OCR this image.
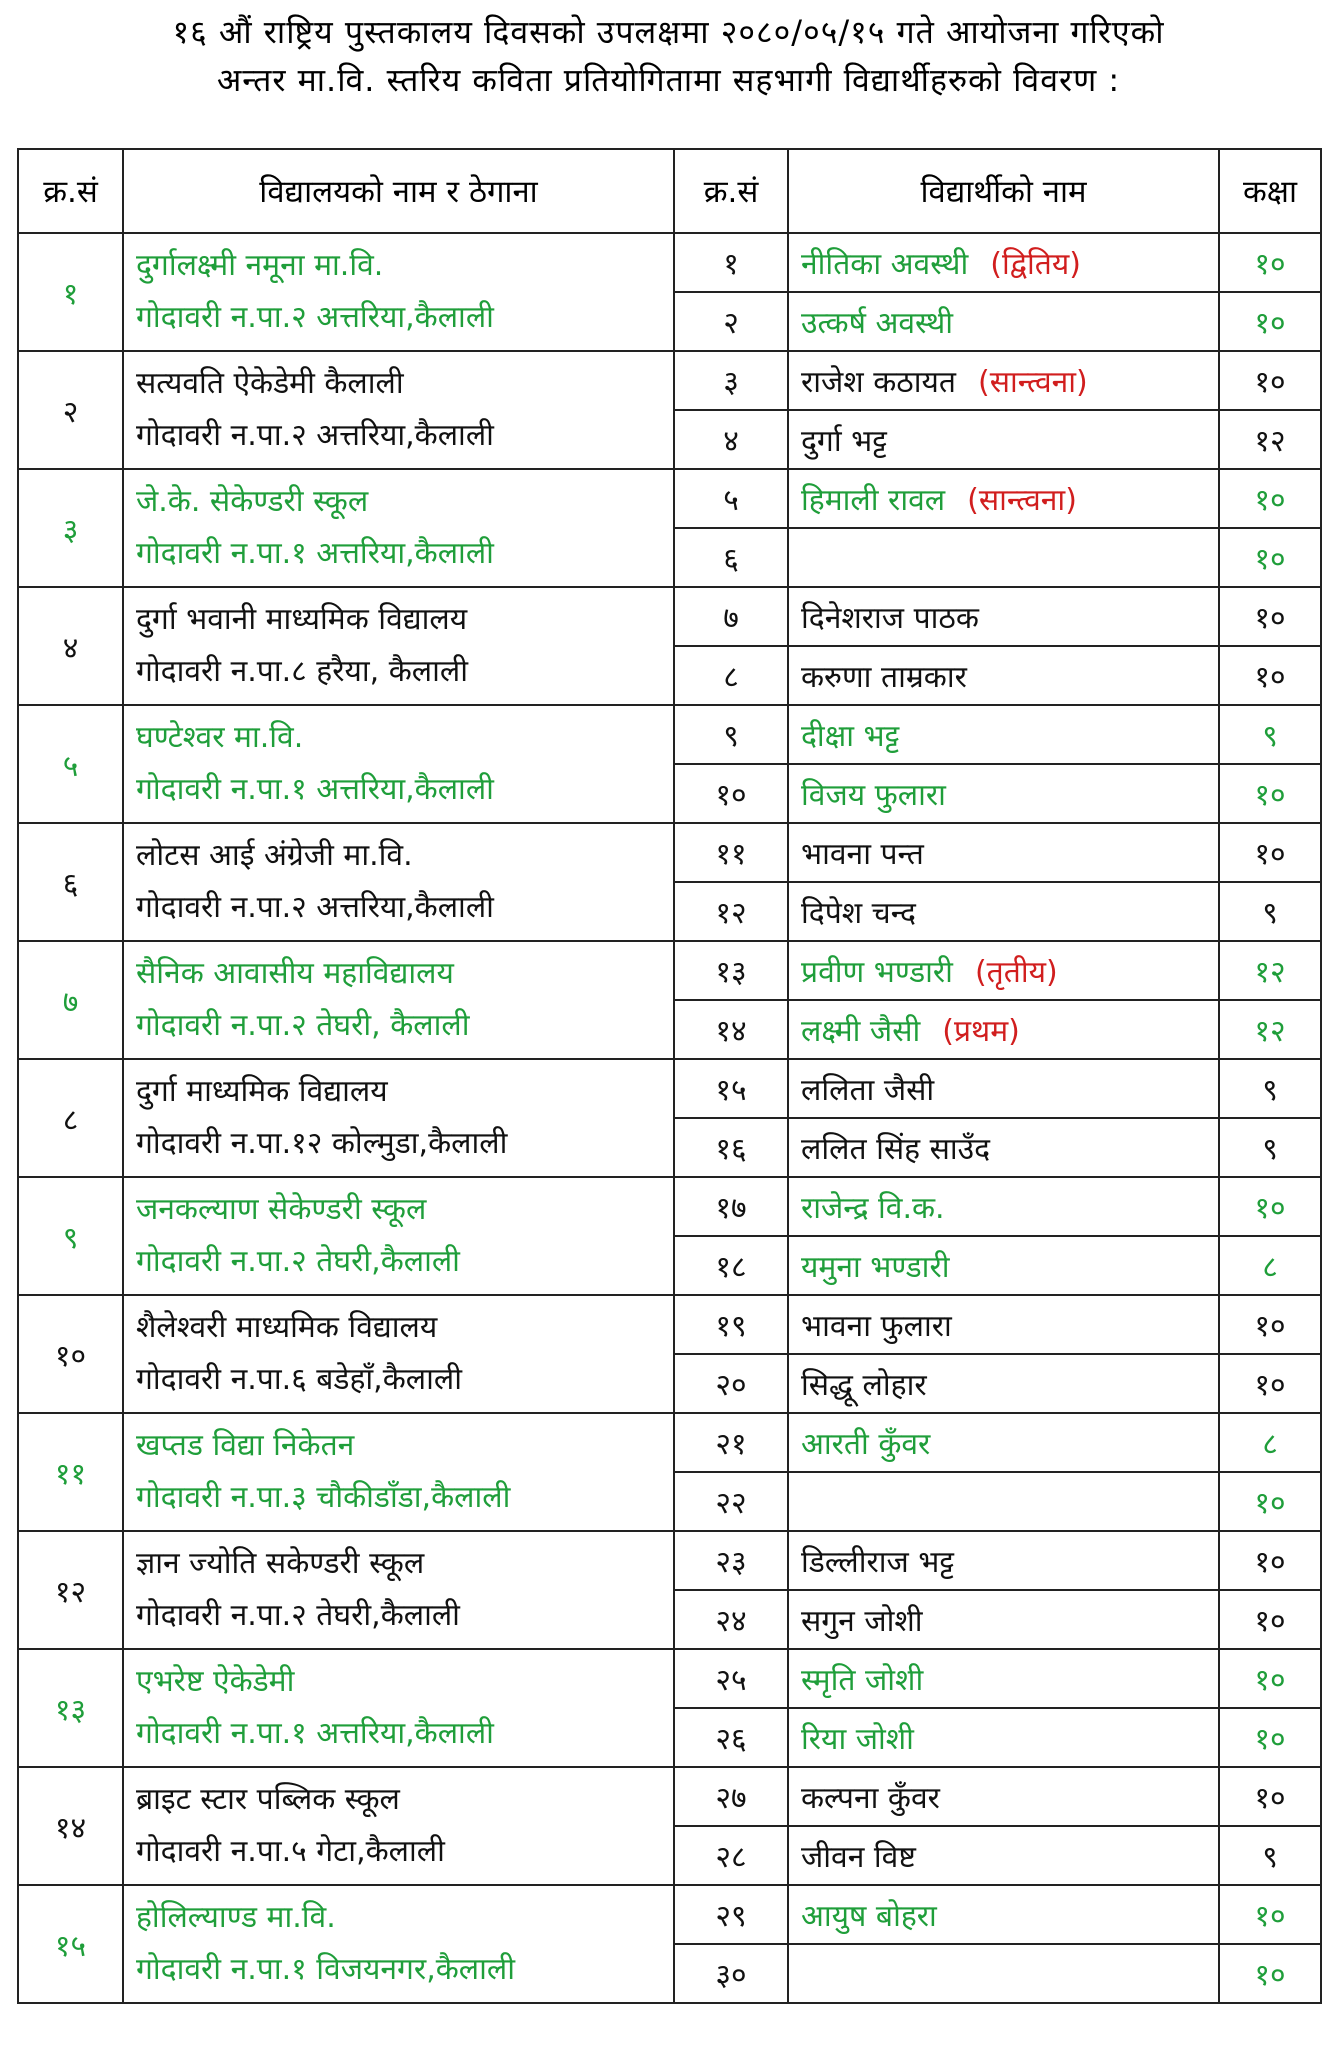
१६ औं राष्ट्रिय पुस्तकालय दिवसको उपलक्षमा २०८०/०५/१५ गते आयोजना गरिएको
अन्तर मा.वि. स्तरिय कविता प्रतियोगितामा सहभागी विद्यार्थीहरुको विवरण :
क्र.सं	विद्यालयको नाम र ठेगाना	क्र.सं	विद्यार्थीको नाम	कक्षा
१	दुर्गालक्ष्मी नमूना मा.वि.
गोदावरी न.पा.२ अत्तरिया,कैलाली	१	नीतिका अवस्थी (द्वितिय)	१०
		२	उत्कर्ष अवस्थी	१०
२	सत्यवति ऐकेडेमी कैलाली
गोदावरी न.पा.२ अत्तरिया,कैलाली	३	राजेश कठायत (सान्त्वना)	१०
		४	दुर्गा भट्ट	१२
३	जे.के. सेकेण्डरी स्कूल
गोदावरी न.पा.१ अत्तरिया,कैलाली	५	हिमाली रावल (सान्त्वना)	१०
		६		१०
४	दुर्गा भवानी माध्यमिक विद्यालय
गोदावरी न.पा.८ हरैया, कैलाली	७	दिनेशराज पाठक	१०
		८	करुणा ताम्रकार	१०
५	घण्टेश्वर मा.वि.
गोदावरी न.पा.१ अत्तरिया,कैलाली	९	दीक्षा भट्ट	९
		१०	विजय फुलारा	१०
६	लोटस आई अंग्रेजी मा.वि.
गोदावरी न.पा.२ अत्तरिया,कैलाली	११	भावना पन्त	१०
		१२	दिपेश चन्द	९
७	सैनिक आवासीय महाविद्यालय
गोदावरी न.पा.२ तेघरी, कैलाली	१३	प्रवीण भण्डारी (तृतीय)	१२
		१४	लक्ष्मी जैसी (प्रथम)	१२
८	दुर्गा माध्यमिक विद्यालय
गोदावरी न.पा.१२ कोल्मुडा,कैलाली	१५	ललिता जैसी	९
		१६	ललित सिंह साउँद	९
९	जनकल्याण सेकेण्डरी स्कूल
गोदावरी न.पा.२ तेघरी,कैलाली	१७	राजेन्द्र वि.क.	१०
		१८	यमुना भण्डारी	८
१०	शैलेश्वरी माध्यमिक विद्यालय
गोदावरी न.पा.६ बडेहाँ,कैलाली	१९	भावना फुलारा	१०
		२०	सिद्धू लोहार	१०
११	खप्तड विद्या निकेतन
गोदावरी न.पा.३ चौकीडाँडा,कैलाली	२१	आरती कुँवर	८
		२२		१०
१२	ज्ञान ज्योति सकेण्डरी स्कूल
गोदावरी न.पा.२ तेघरी,कैलाली	२३	डिल्लीराज भट्ट	१०
		२४	सगुन जोशी	१०
१३	एभरेष्ट ऐकेडेमी
गोदावरी न.पा.१ अत्तरिया,कैलाली	२५	स्मृति जोशी	१०
		२६	रिया जोशी	१०
१४	ब्राइट स्टार पब्लिक स्कूल
गोदावरी न.पा.५ गेटा,कैलाली	२७	कल्पना कुँवर	१०
		२८	जीवन विष्ट	९
१५	होलिल्याण्ड मा.वि.
गोदावरी न.पा.१ विजयनगर,कैलाली	२९	आयुष बोहरा	१०
		३०		१०
